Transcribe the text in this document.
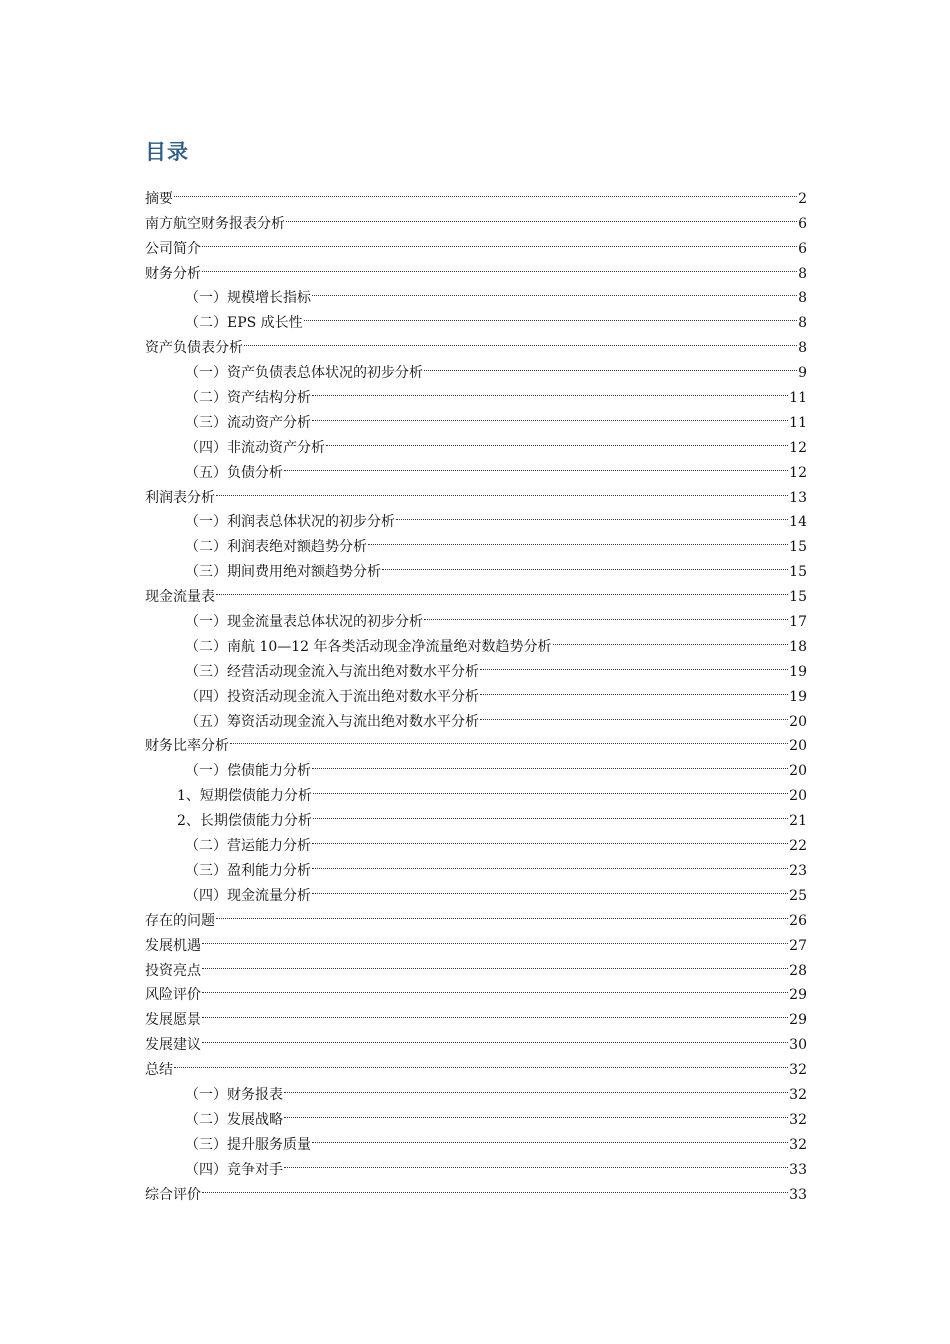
目录
摘要	2
南方航空财务报表分析	6
公司简介	6
财务分析	8
（一）规模增长指标	8
（二）EPS 成长性	8
资产负债表分析	8
（一）资产负债表总体状况的初步分析	9
（二）资产结构分析	11
（三）流动资产分析	11
（四）非流动资产分析	12
（五）负债分析	12
利润表分析	13
（一）利润表总体状况的初步分析	14
（二）利润表绝对额趋势分析	15
（三）期间费用绝对额趋势分析	15
现金流量表	15
（一）现金流量表总体状况的初步分析	17
（二）南航 10—12 年各类活动现金净流量绝对数趋势分析	18
（三）经营活动现金流入与流出绝对数水平分析	19
（四）投资活动现金流入于流出绝对数水平分析	19
（五）筹资活动现金流入与流出绝对数水平分析	20
财务比率分析	20
（一）偿债能力分析	20
1、短期偿债能力分析	20
2、长期偿债能力分析	21
（二）营运能力分析	22
（三）盈利能力分析	23
（四）现金流量分析	25
存在的问题	26
发展机遇	27
投资亮点	28
风险评价	29
发展愿景	29
发展建议	30
总结	32
（一）财务报表	32
（二）发展战略	32
（三）提升服务质量	32
（四）竞争对手	33
综合评价	33
